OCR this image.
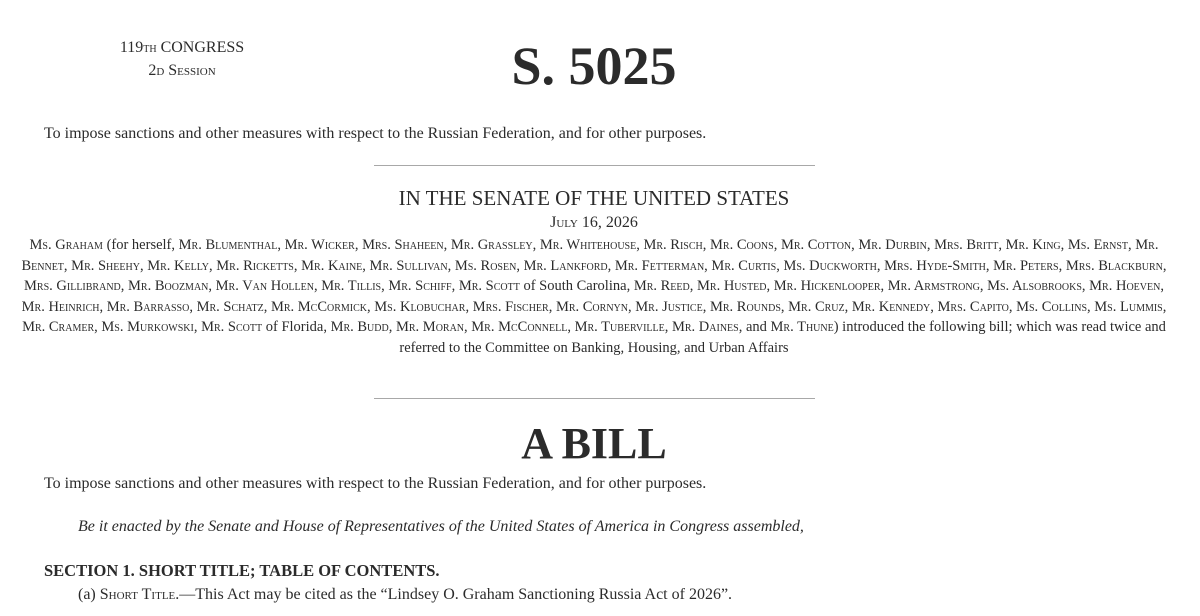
119th CONGRESS
2d Session	S. 5025
To impose sanctions and other measures with respect to the Russian Federation, and for other purposes.
IN THE SENATE OF THE UNITED STATES
July 16, 2026
Ms. Graham (for herself, Mr. Blumenthal, Mr. Wicker, Mrs. Shaheen, Mr. Grassley, Mr. Whitehouse, Mr. Risch, Mr. Coons, Mr. Cotton, Mr. Durbin, Mrs. Britt, Mr. King, Ms. Ernst, Mr. Bennet, Mr. Sheehy, Mr. Kelly, Mr. Ricketts, Mr. Kaine, Mr. Sullivan, Ms. Rosen, Mr. Lankford, Mr. Fetterman, Mr. Curtis, Ms. Duckworth, Mrs. Hyde-Smith, Mr. Peters, Mrs. Blackburn, Mrs. Gillibrand, Mr. Boozman, Mr. Van Hollen, Mr. Tillis, Mr. Schiff, Mr. Scott of South Carolina, Mr. Reed, Mr. Husted, Mr. Hickenlooper, Mr. Armstrong, Ms. Alsobrooks, Mr. Hoeven, Mr. Heinrich, Mr. Barrasso, Mr. Schatz, Mr. McCormick, Ms. Klobuchar, Mrs. Fischer, Mr. Cornyn, Mr. Justice, Mr. Rounds, Mr. Cruz, Mr. Kennedy, Mrs. Capito, Ms. Collins, Ms. Lummis, Mr. Cramer, Ms. Murkowski, Mr. Scott of Florida, Mr. Budd, Mr. Moran, Mr. McConnell, Mr. Tuberville, Mr. Daines, and Mr. Thune) introduced the following bill; which was read twice and referred to the Committee on Banking, Housing, and Urban Affairs
A BILL
To impose sanctions and other measures with respect to the Russian Federation, and for other purposes.
Be it enacted by the Senate and House of Representatives of the United States of America in Congress assembled,
SECTION 1. SHORT TITLE; TABLE OF CONTENTS.
(a) Short Title.—This Act may be cited as the “Lindsey O. Graham Sanctioning Russia Act of 2026”.
